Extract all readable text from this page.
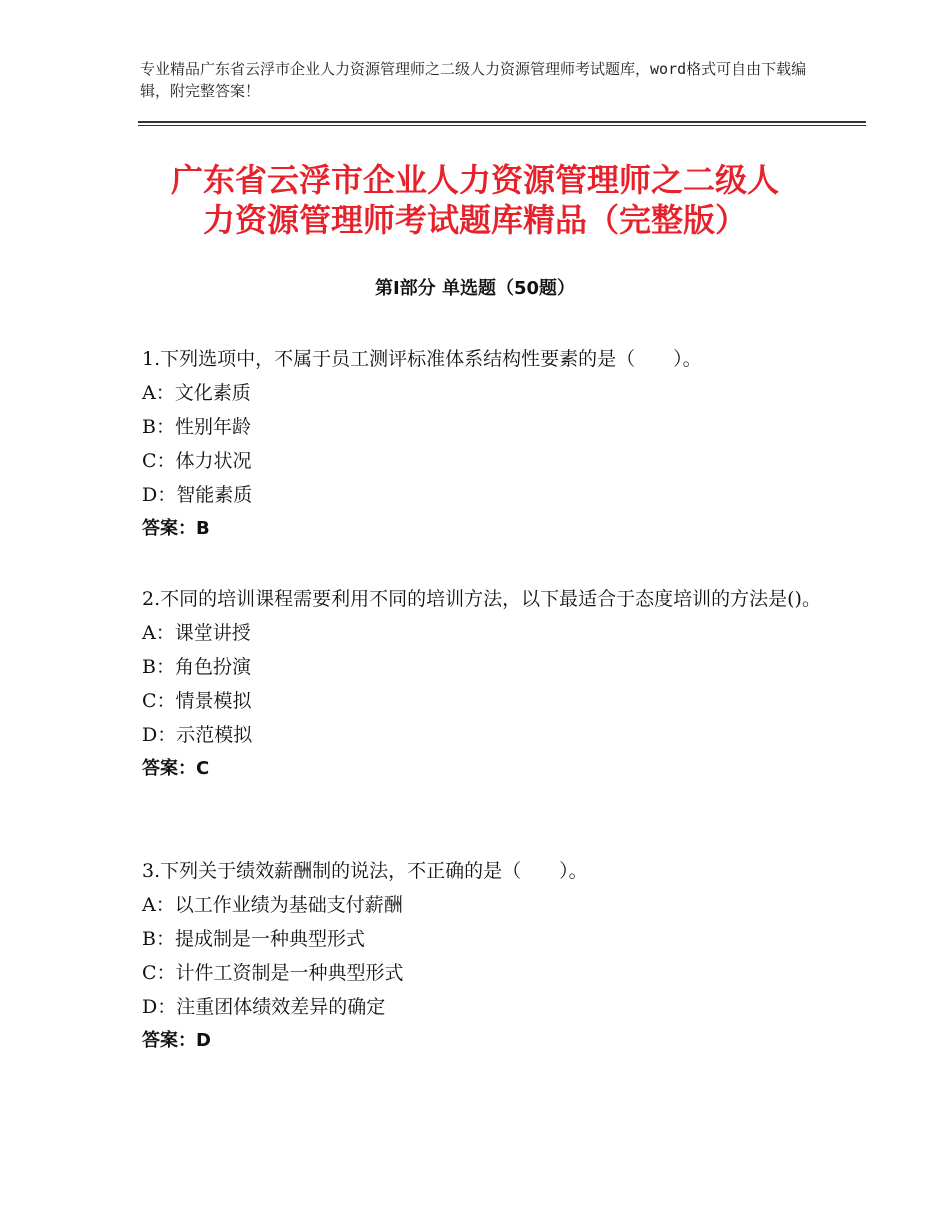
专业精品广东省云浮市企业人力资源管理师之二级人力资源管理师考试题库，word格式可自由下载编辑，附完整答案！
广东省云浮市企业人力资源管理师之二级人
力资源管理师考试题库精品（完整版）
第Ⅰ部分 单选题（50题）
1.下列选项中，不属于员工测评标准体系结构性要素的是（　　）。
A：文化素质
B：性别年龄
C：体力状况
D：智能素质
答案：B
2.不同的培训课程需要利用不同的培训方法，以下最适合于态度培训的方法是()。
A：课堂讲授
B：角色扮演
C：情景模拟
D：示范模拟
答案：C
3.下列关于绩效薪酬制的说法，不正确的是（　　）。
A：以工作业绩为基础支付薪酬
B：提成制是一种典型形式
C：计件工资制是一种典型形式
D：注重团体绩效差异的确定
答案：D
